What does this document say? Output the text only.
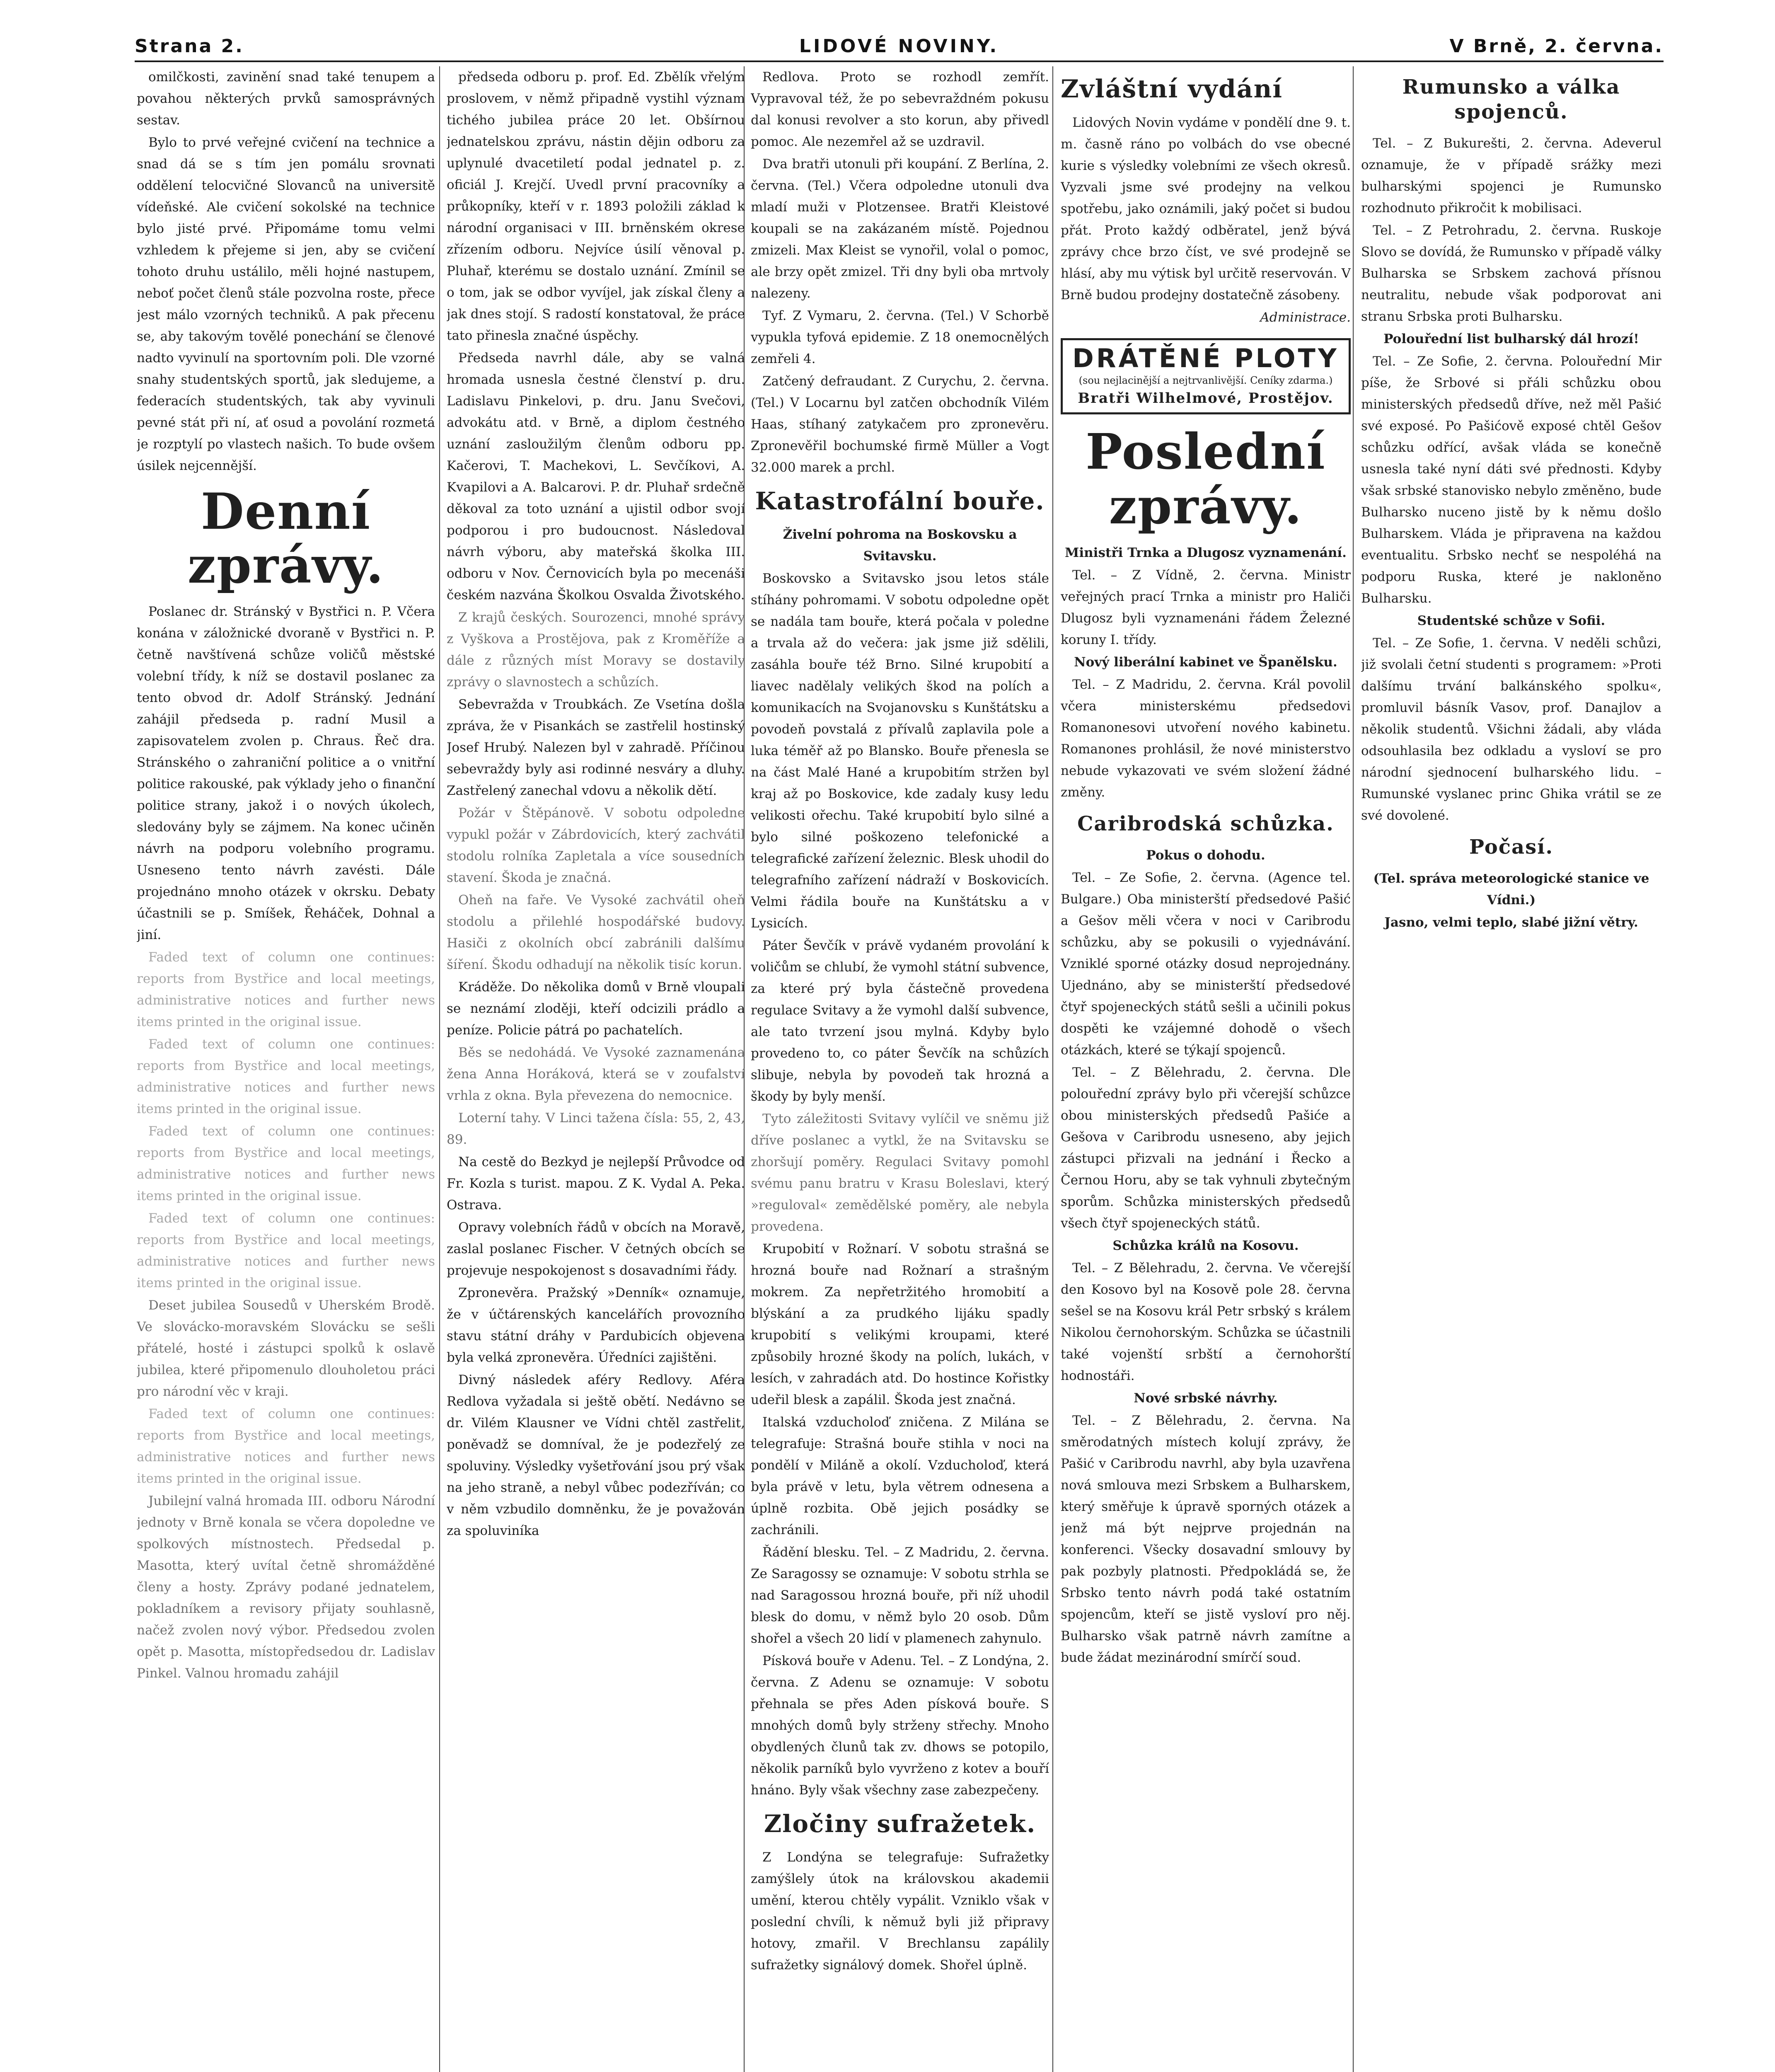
Strana 2.	LIDOVÉ NOVINY.	V Brně, 2. června.

omilčkosti, zavinění snad také tenupem a povahou některých prvků samosprávných sestav.

Bylo to prvé veřejné cvičení na technice a snad dá se s tím jen pomálu srovnati oddělení telocvičné Slovanců na universitě vídeňské. Ale cvičení sokolské na technice bylo jisté prvé. Připomáme tomu velmi vzhledem k přejeme si jen, aby se cvičení tohoto druhu ustálilo, měli hojné nastupem, neboť počet členů stále pozvolna roste, přece jest málo vzorných techniků. A pak přecenu se, aby takovým tovělé ponechání se členové nadto vyvinulí na sportovním poli. Dle vzorné snahy studentských sportů, jak sledujeme, a federacích studentských, tak aby vyvinuli pevné stát při ní, ať osud a povolání rozmetá je rozptylí po vlastech našich. To bude ovšem úsilek nejcennější.

Denní zprávy.

Poslanec dr. Stránský v Bystřici n. P. Včera konána v záložnické dvoraně v Bystřici n. P. četně navštívená schůze voličů městské volební třídy, k níž se dostavil poslanec za tento obvod dr. Adolf Stránský. Jednání zahájil předseda p. radní Musil a zapisovatelem zvolen p. Chraus. Řeč dra. Stránského o zahraniční politice a o vnitřní politice rakouské, pak výklady jeho o finanční politice strany, jakož i o nových úkolech, sledovány byly se zájmem. Na konec učiněn návrh na podporu volebního programu. Usneseno tento návrh zavésti. Dále projednáno mnoho otázek v okrsku. Debaty účastnili se p. Smíšek, Řeháček, Dohnal a jiní.

Faded text of column one continues: reports from Bystřice and local meetings, administrative notices and further news items printed in the original issue.

Faded text of column one continues: reports from Bystřice and local meetings, administrative notices and further news items printed in the original issue.

Faded text of column one continues: reports from Bystřice and local meetings, administrative notices and further news items printed in the original issue.

Faded text of column one continues: reports from Bystřice and local meetings, administrative notices and further news items printed in the original issue.

Deset jubilea Sousedů v Uherském Brodě. Ve slovácko-moravském Slovácku se sešli přátelé, hosté i zástupci spolků k oslavě jubilea, které připomenulo dlouholetou práci pro národní věc v kraji.

Faded text of column one continues: reports from Bystřice and local meetings, administrative notices and further news items printed in the original issue.

Jubilejní valná hromada III. odboru Národní jednoty v Brně konala se včera dopoledne ve spolkových místnostech. Předsedal p. Masotta, který uvítal četně shromážděné členy a hosty. Zprávy podané jednatelem, pokladníkem a revisory přijaty souhlasně, načež zvolen nový výbor. Předsedou zvolen opět p. Masotta, místopředsedou dr. Ladislav Pinkel. Valnou hromadu zahájil

předseda odboru p. prof. Ed. Zbělík vřelým proslovem, v němž připadně vystihl význam tichého jubilea práce 20 let. Obšírnou jednatelskou zprávu, nástin dějin odboru za uplynulé dvacetiletí podal jednatel p. z. oficiál J. Krejčí. Uvedl první pracovníky a průkopníky, kteří v r. 1893 položili základ k národní organisaci v III. brněnském okrese zřízením odboru. Nejvíce úsilí věnoval p. Pluhař, kterému se dostalo uznání. Zmínil se o tom, jak se odbor vyvíjel, jak získal členy a jak dnes stojí. S radostí konstatoval, že práce tato přinesla značné úspěchy.

Předseda navrhl dále, aby se valná hromada usnesla čestné členství p. dru. Ladislavu Pinkelovi, p. dru. Janu Svečovi, advokátu atd. v Brně, a diplom čestného uznání zasloužilým členům odboru pp. Kačerovi, T. Machekovi, L. Sevčíkovi, A. Kvapilovi a A. Balcarovi. P. dr. Pluhař srdečně děkoval za toto uznání a ujistil odbor svojí podporou i pro budoucnost. Následoval návrh výboru, aby mateřská školka III. odboru v Nov. Černovicích byla po mecenáši českém nazvána Školkou Osvalda Životského.

Z krajů českých. Sourozenci, mnohé správy z Vyškova a Prostějova, pak z Kroměříže a dále z různých míst Moravy se dostavily zprávy o slavnostech a schůzích.

Sebevražda v Troubkách. Ze Vsetína došla zpráva, že v Pisankách se zastřelil hostinský Josef Hrubý. Nalezen byl v zahradě. Příčinou sebevraždy byly asi rodinné nesváry a dluhy. Zastřelený zanechal vdovu a několik dětí.

Požár v Štěpánově. V sobotu odpoledne vypukl požár v Zábrdovicích, který zachvátil stodolu rolníka Zapletala a více sousedních stavení. Škoda je značná.

Oheň na faře. Ve Vysoké zachvátil oheň stodolu a přilehlé hospodářské budovy. Hasiči z okolních obcí zabránili dalšímu šíření. Škodu odhadují na několik tisíc korun.

Kráděže. Do několika domů v Brně vloupali se neznámí zloději, kteří odcizili prádlo a peníze. Policie pátrá po pachatelích.

Běs se nedohádá. Ve Vysoké zaznamenána žena Anna Horáková, která se v zoufalství vrhla z okna. Byla převezena do nemocnice.

Loterní tahy. V Linci tažena čísla: 55, 2, 43, 89.

Na cestě do Bezkyd je nejlepší Průvodce od Fr. Kozla s turist. mapou. Z K. Vydal A. Peka. Ostrava.

Opravy volebních řádů v obcích na Moravě, zaslal poslanec Fischer. V četných obcích se projevuje nespokojenost s dosavadními řády.

Zpronevěra. Pražský »Denník« oznamuje, že v účtárenských kancelářích provozního stavu státní dráhy v Pardubicích objevena byla velká zpronevěra. Úředníci zajištěni.

Divný následek aféry Redlovy. Aféra Redlova vyžadala si ještě obětí. Nedávno se dr. Vilém Klausner ve Vídni chtěl zastřelit, poněvadž se domníval, že je podezřelý ze spoluviny. Výsledky vyšetřování jsou prý však na jeho straně, a nebyl vůbec podezříván; co v něm vzbudilo domněnku, že je považován za spoluviníka

Redlova. Proto se rozhodl zemřít. Vypravoval též, že po sebevraždném pokusu dal konusi revolver a sto korun, aby přivedl pomoc. Ale nezemřel až se uzdravil.

Dva bratři utonuli při koupání. Z Berlína, 2. června. (Tel.) Včera odpoledne utonuli dva mladí muži v Plotzensee. Bratři Kleistové koupali se na zakázaném místě. Pojednou zmizeli. Max Kleist se vynořil, volal o pomoc, ale brzy opět zmizel. Tři dny byli oba mrtvoly nalezeny.

Tyf. Z Vymaru, 2. června. (Tel.) V Schorbě vypukla tyfová epidemie. Z 18 onemocnělých zemřeli 4.

Zatčený defraudant. Z Curychu, 2. června. (Tel.) V Locarnu byl zatčen obchodník Vilém Haas, stíhaný zatykačem pro zpronevěru. Zpronevěřil bochumské firmě Müller a Vogt 32.000 marek a prchl.

Katastrofální bouře.

Živelní pohroma na Boskovsku a Svitavsku.

Boskovsko a Svitavsko jsou letos stále stíhány pohromami. V sobotu odpoledne opět se nadála tam bouře, která počala v poledne a trvala až do večera: jak jsme již sdělili, zasáhla bouře též Brno. Silné krupobití a liavec nadělaly velikých škod na polích a komunikacích na Svojanovsku s Kunštátsku a povodeň povstalá z přívalů zaplavila pole a luka téměř až po Blansko. Bouře přenesla se na část Malé Hané a krupobitím stržen byl kraj až po Boskovice, kde zadaly kusy ledu velikosti ořechu. Také krupobití bylo silné a bylo silné poškozeno telefonické a telegrafické zařízení železnic. Blesk uhodil do telegrafního zařízení nádraží v Boskovicích. Velmi řádila bouře na Kunštátsku a v Lysicích.

Páter Ševčík v právě vydaném provolání k voličům se chlubí, že vymohl státní subvence, za které prý byla částečně provedena regulace Svitavy a že vymohl další subvence, ale tato tvrzení jsou mylná. Kdyby bylo provedeno to, co páter Ševčík na schůzích slibuje, nebyla by povodeň tak hrozná a škody by byly menší.

Tyto záležitosti Svitavy vylíčil ve sněmu již dříve poslanec a vytkl, že na Svitavsku se zhoršují poměry. Regulaci Svitavy pomohl svému panu bratru v Krasu Boleslavi, který »reguloval« zemědělské poměry, ale nebyla provedena.

Krupobití v Rožnarí. V sobotu strašná se hrozná bouře nad Rožnarí a strašným mokrem. Za nepřetržitého hromobití a blýskání a za prudkého lijáku spadly krupobití s velikými kroupami, které způsobily hrozné škody na polích, lukách, v lesích, v zahradách atd. Do hostince Kořistky udeřil blesk a zapálil. Škoda jest značná.

Italská vzducholoď zničena. Z Milána se telegrafuje: Strašná bouře stihla v noci na pondělí v Miláně a okolí. Vzducholoď, která byla právě v letu, byla větrem odnesena a úplně rozbita. Obě jejich posádky se zachránili.

Řádění blesku. Tel. – Z Madridu, 2. června. Ze Saragossy se oznamuje: V sobotu strhla se nad Saragossou hrozná bouře, při níž uhodil blesk do domu, v němž bylo 20 osob. Dům shořel a všech 20 lidí v plamenech zahynulo.

Písková bouře v Adenu. Tel. – Z Londýna, 2. června. Z Adenu se oznamuje: V sobotu přehnala se přes Aden písková bouře. S mnohých domů byly strženy střechy. Mnoho obydlených člunů tak zv. dhows se potopilo, několik parníků bylo vyvrženo z kotev a bouří hnáno. Byly však všechny zase zabezpečeny.

Zločiny sufražetek.

Z Londýna se telegrafuje: Sufražetky zamýšlely útok na královskou akademii umění, kterou chtěly vypálit. Vzniklo však v poslední chvíli, k němuž byli již připravy hotovy, zmařil. V Brechlansu zapálily sufražetky signálový domek. Shořel úplně.

Zvláštní vydání

Lidových Novin vydáme v pondělí dne 9. t. m. časně ráno po volbách do vse obecné kurie s výsledky volebními ze všech okresů. Vyzvali jsme své prodejny na velkou spotřebu, jako oznámili, jaký počet si budou přát. Proto každý odběratel, jenž bývá zprávy chce brzo číst, ve své prodejně se hlásí, aby mu výtisk byl určitě reservován. V Brně budou prodejny dostatečně zásobeny.

Administrace.

DRÁTĚNÉ PLOTY
(sou nejlacinější a nejtrvanlivější. Ceníky zdarma.)
Bratři Wilhelmové, Prostějov.
Poslední zprávy.

Ministři Trnka a Dlugosz vyznamenání.

Tel. – Z Vídně, 2. června. Ministr veřejných prací Trnka a ministr pro Haliči Dlugosz byli vyznamenáni řádem Železné koruny I. třídy.

Nový liberální kabinet ve Španělsku.

Tel. – Z Madridu, 2. června. Král povolil včera ministerskému předsedovi Romanonesovi utvoření nového kabinetu. Romanones prohlásil, že nové ministerstvo nebude vykazovati ve svém složení žádné změny.

Caribrodská schůzka.

Pokus o dohodu.

Tel. – Ze Sofie, 2. června. (Agence tel. Bulgare.) Oba ministerští předsedové Pašić a Gešov měli včera v noci v Caribrodu schůzku, aby se pokusili o vyjednávání. Vzniklé sporné otázky dosud neprojednány. Ujednáno, aby se ministerští předsedové čtyř spojeneckých států sešli a učinili pokus dospěti ke vzájemné dohodě o všech otázkách, které se týkají spojenců.

Tel. – Z Bělehradu, 2. června. Dle polouřední zprávy bylo při včerejší schůzce obou ministerských předsedů Pašiće a Gešova v Caribrodu usneseno, aby jejich zástupci přizvali na jednání i Řecko a Černou Horu, aby se tak vyhnuli zbytečným sporům. Schůzka ministerských předsedů všech čtyř spojeneckých států.

Schůzka králů na Kosovu.

Tel. – Z Bělehradu, 2. června. Ve včerejší den Kosovo byl na Kosově pole 28. června sešel se na Kosovu král Petr srbský s králem Nikolou černohorským. Schůzka se účastnili také vojenští srbští a černohorští hodnostáři.

Nové srbské návrhy.

Tel. – Z Bělehradu, 2. června. Na směrodatných místech kolují zprávy, že Pašić v Caribrodu navrhl, aby byla uzavřena nová smlouva mezi Srbskem a Bulharskem, který směřuje k úpravě sporných otázek a jenž má být nejprve projednán na konferenci. Všecky dosavadní smlouvy by pak pozbyly platnosti. Předpokládá se, že Srbsko tento návrh podá také ostatním spojencům, kteří se jistě vysloví pro něj. Bulharsko však patrně návrh zamítne a bude žádat mezinárodní smírčí soud.

Rumunsko a válka spojenců.

Tel. – Z Bukurešti, 2. června. Adeverul oznamuje, že v případě srážky mezi bulharskými spojenci je Rumunsko rozhodnuto přikročit k mobilisaci.

Tel. – Z Petrohradu, 2. června. Ruskoje Slovo se dovídá, že Rumunsko v případě války Bulharska se Srbskem zachová přísnou neutralitu, nebude však podporovat ani stranu Srbska proti Bulharsku.

Polouřední list bulharský dál hrozí!

Tel. – Ze Sofie, 2. června. Polouřední Mir píše, že Srbové si přáli schůzku obou ministerských předsedů dříve, než měl Pašić své exposé. Po Pašićově exposé chtěl Gešov schůzku odřící, avšak vláda se konečně usnesla také nyní dáti své přednosti. Kdyby však srbské stanovisko nebylo změněno, bude Bulharsko nuceno jistě by k němu došlo Bulharskem. Vláda je připravena na každou eventualitu. Srbsko nechť se nespoléhá na podporu Ruska, které je nakloněno Bulharsku.

Studentské schůze v Sofii.

Tel. – Ze Sofie, 1. června. V neděli schůzi, již svolali četní studenti s programem: »Proti dalšímu trvání balkánského spolku«, promluvil básník Vasov, prof. Danajlov a několik studentů. Všichni žádali, aby vláda odsouhlasila bez odkladu a vysloví se pro národní sjednocení bulharského lidu. – Rumunské vyslanec princ Ghika vrátil se ze své dovolené.

Počasí.

(Tel. správa meteorologické stanice ve Vídni.)

Jasno, velmi teplo, slabé jižní větry.
